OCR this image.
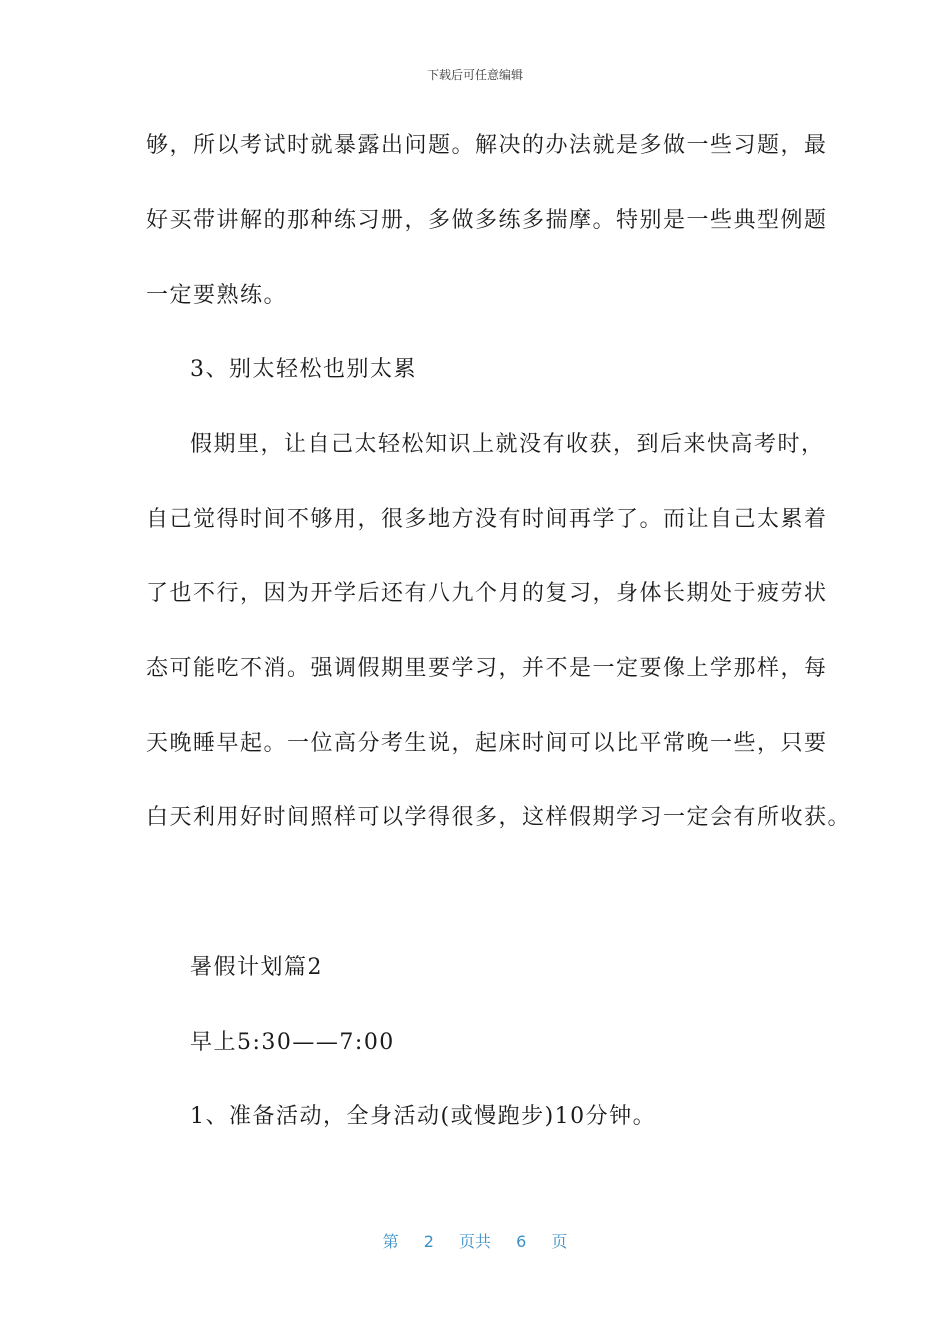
下载后可任意编辑
够，所以考试时就暴露出问题。解决的办法就是多做一些习题，最
好买带讲解的那种练习册，多做多练多揣摩。特别是一些典型例题
一定要熟练。
3、别太轻松也别太累
假期里，让自己太轻松知识上就没有收获，到后来快高考时，
自己觉得时间不够用，很多地方没有时间再学了。而让自己太累着
了也不行，因为开学后还有八九个月的复习，身体长期处于疲劳状
态可能吃不消。强调假期里要学习，并不是一定要像上学那样，每
天晚睡早起。一位高分考生说，起床时间可以比平常晚一些，只要
白天利用好时间照样可以学得很多，这样假期学习一定会有所收获。
暑假计划篇2
早上5:30——7:00
1、准备活动，全身活动(或慢跑步)10分钟。
第 2 页共 6 页
